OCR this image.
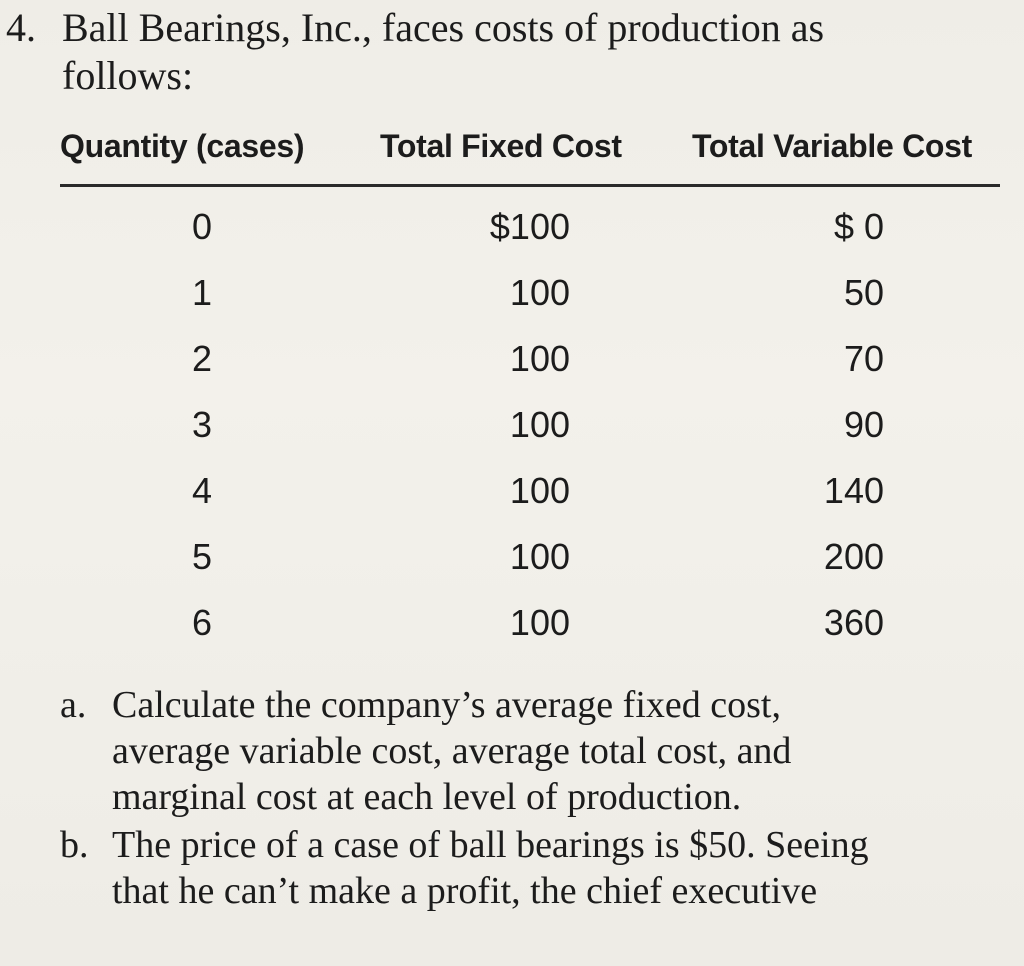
4. Ball Bearings, Inc., faces costs of production as
follows:
Quantity (cases) Total Fixed Cost Total Variable Cost
0	$100	$ 0
1	100	50
2	100	70
3	100	90
4	100	140
5	100	200
6	100	360
a. Calculate the company’s average fixed cost,
average variable cost, average total cost, and
marginal cost at each level of production.
b. The price of a case of ball bearings is $50. Seeing
that he can’t make a profit, the chief executive
